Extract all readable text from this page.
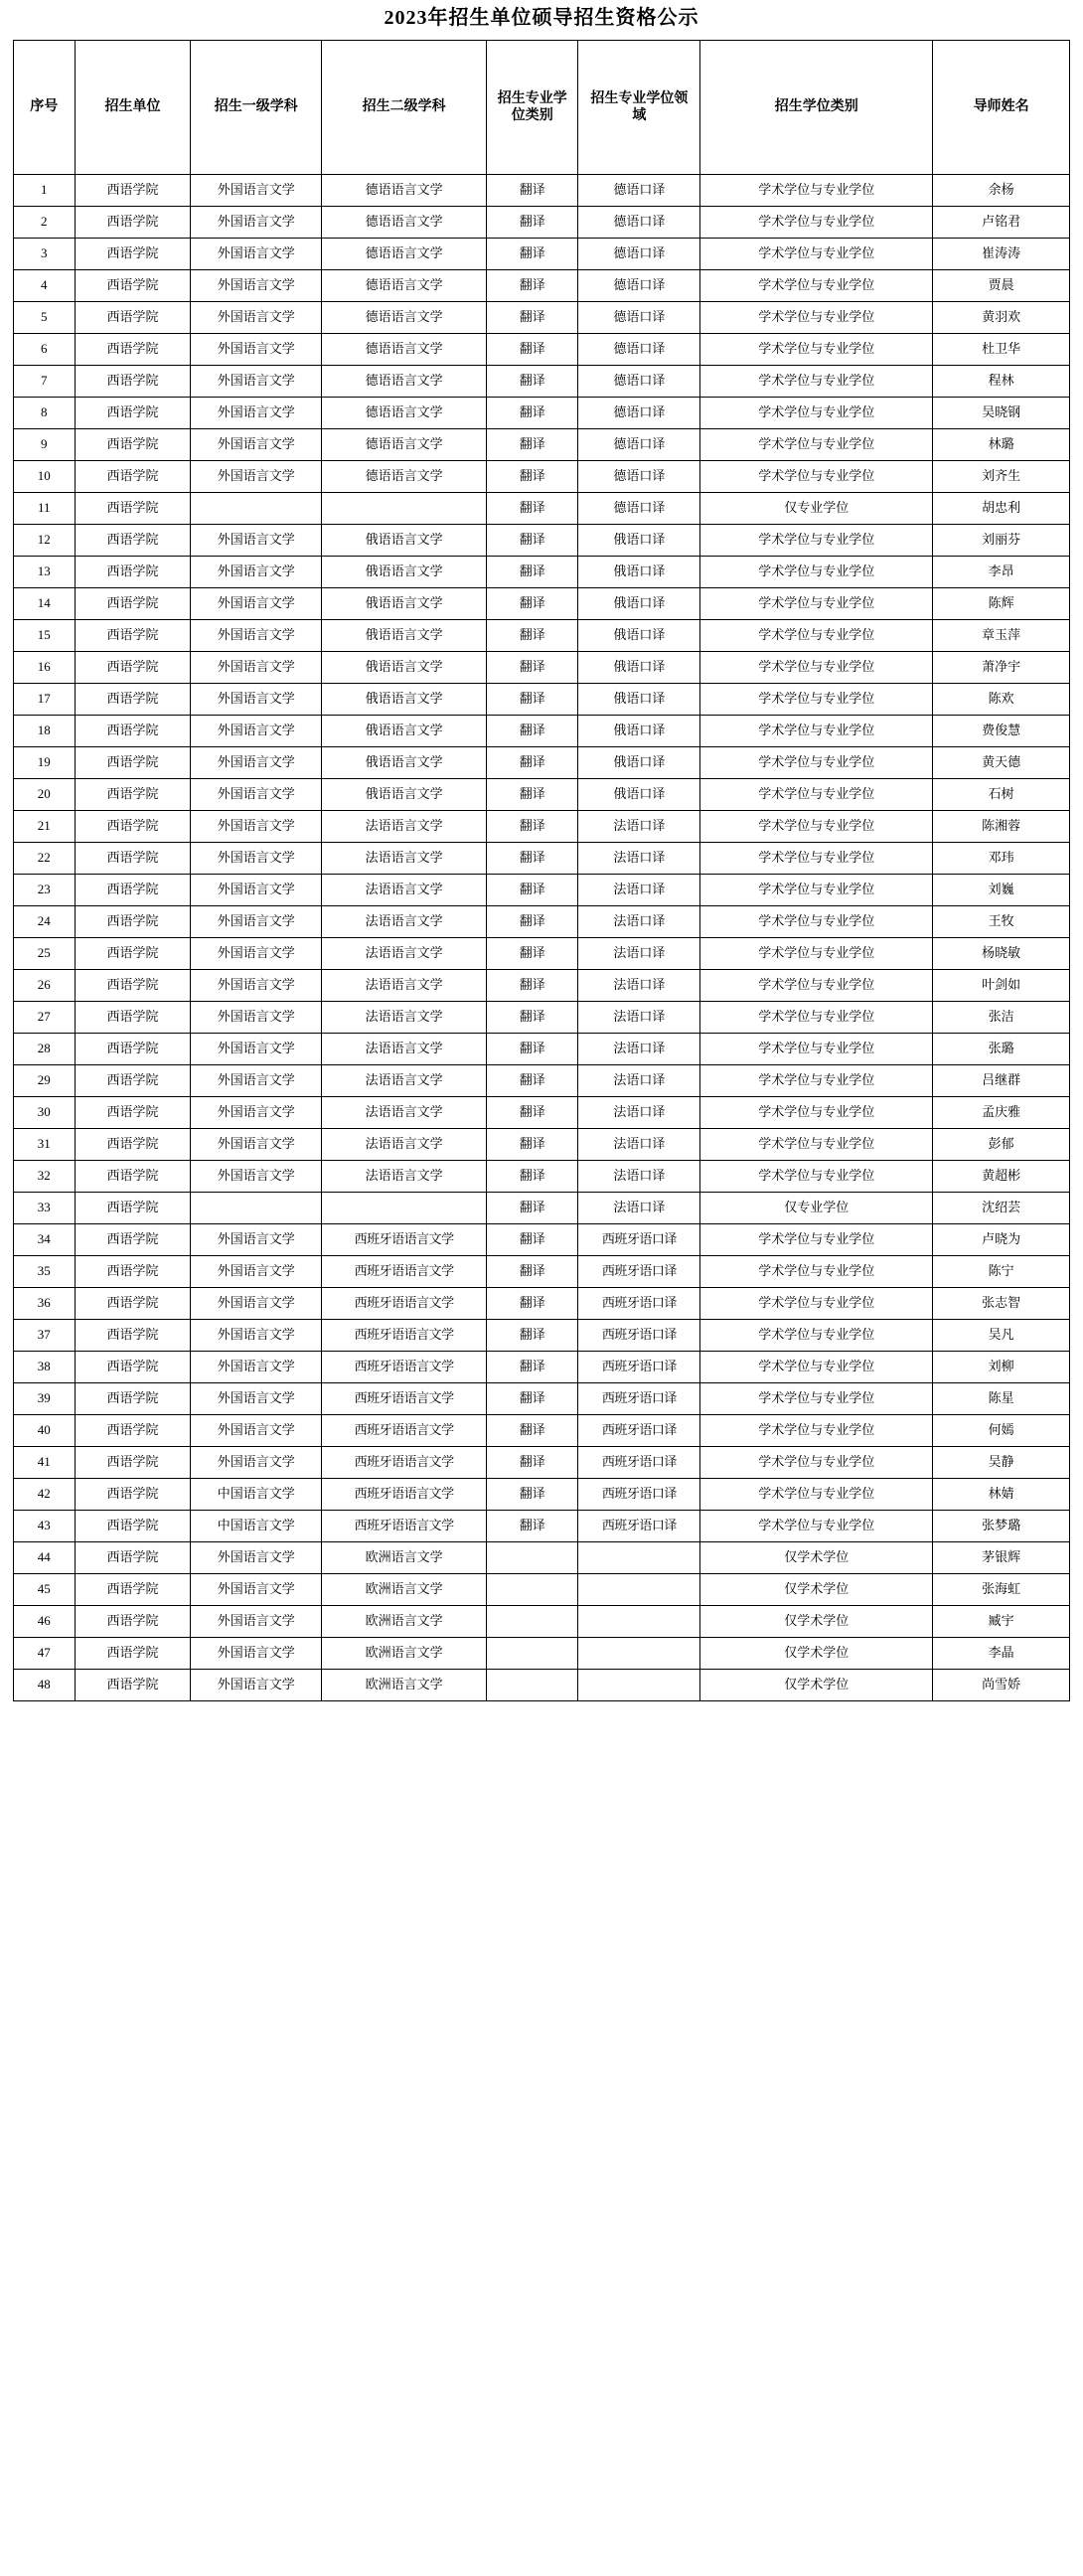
2023年招生单位硕导招生资格公示
序号	招生单位	招生一级学科	招生二级学科	招生专业学位类别	招生专业学位领域	招生学位类别	导师姓名
1	西语学院	外国语言文学	德语语言文学	翻译	德语口译	学术学位与专业学位	余杨
2	西语学院	外国语言文学	德语语言文学	翻译	德语口译	学术学位与专业学位	卢铭君
3	西语学院	外国语言文学	德语语言文学	翻译	德语口译	学术学位与专业学位	崔涛涛
4	西语学院	外国语言文学	德语语言文学	翻译	德语口译	学术学位与专业学位	贾晨
5	西语学院	外国语言文学	德语语言文学	翻译	德语口译	学术学位与专业学位	黄羽欢
6	西语学院	外国语言文学	德语语言文学	翻译	德语口译	学术学位与专业学位	杜卫华
7	西语学院	外国语言文学	德语语言文学	翻译	德语口译	学术学位与专业学位	程林
8	西语学院	外国语言文学	德语语言文学	翻译	德语口译	学术学位与专业学位	吴晓钢
9	西语学院	外国语言文学	德语语言文学	翻译	德语口译	学术学位与专业学位	林璐
10	西语学院	外国语言文学	德语语言文学	翻译	德语口译	学术学位与专业学位	刘齐生
11	西语学院			翻译	德语口译	仅专业学位	胡忠利
12	西语学院	外国语言文学	俄语语言文学	翻译	俄语口译	学术学位与专业学位	刘丽芬
13	西语学院	外国语言文学	俄语语言文学	翻译	俄语口译	学术学位与专业学位	李昂
14	西语学院	外国语言文学	俄语语言文学	翻译	俄语口译	学术学位与专业学位	陈辉
15	西语学院	外国语言文学	俄语语言文学	翻译	俄语口译	学术学位与专业学位	章玉萍
16	西语学院	外国语言文学	俄语语言文学	翻译	俄语口译	学术学位与专业学位	萧净宇
17	西语学院	外国语言文学	俄语语言文学	翻译	俄语口译	学术学位与专业学位	陈欢
18	西语学院	外国语言文学	俄语语言文学	翻译	俄语口译	学术学位与专业学位	费俊慧
19	西语学院	外国语言文学	俄语语言文学	翻译	俄语口译	学术学位与专业学位	黄天德
20	西语学院	外国语言文学	俄语语言文学	翻译	俄语口译	学术学位与专业学位	石树
21	西语学院	外国语言文学	法语语言文学	翻译	法语口译	学术学位与专业学位	陈湘蓉
22	西语学院	外国语言文学	法语语言文学	翻译	法语口译	学术学位与专业学位	邓玮
23	西语学院	外国语言文学	法语语言文学	翻译	法语口译	学术学位与专业学位	刘巍
24	西语学院	外国语言文学	法语语言文学	翻译	法语口译	学术学位与专业学位	王牧
25	西语学院	外国语言文学	法语语言文学	翻译	法语口译	学术学位与专业学位	杨晓敏
26	西语学院	外国语言文学	法语语言文学	翻译	法语口译	学术学位与专业学位	叶剑如
27	西语学院	外国语言文学	法语语言文学	翻译	法语口译	学术学位与专业学位	张洁
28	西语学院	外国语言文学	法语语言文学	翻译	法语口译	学术学位与专业学位	张璐
29	西语学院	外国语言文学	法语语言文学	翻译	法语口译	学术学位与专业学位	吕继群
30	西语学院	外国语言文学	法语语言文学	翻译	法语口译	学术学位与专业学位	孟庆雅
31	西语学院	外国语言文学	法语语言文学	翻译	法语口译	学术学位与专业学位	彭郁
32	西语学院	外国语言文学	法语语言文学	翻译	法语口译	学术学位与专业学位	黄超彬
33	西语学院			翻译	法语口译	仅专业学位	沈绍芸
34	西语学院	外国语言文学	西班牙语语言文学	翻译	西班牙语口译	学术学位与专业学位	卢晓为
35	西语学院	外国语言文学	西班牙语语言文学	翻译	西班牙语口译	学术学位与专业学位	陈宁
36	西语学院	外国语言文学	西班牙语语言文学	翻译	西班牙语口译	学术学位与专业学位	张志智
37	西语学院	外国语言文学	西班牙语语言文学	翻译	西班牙语口译	学术学位与专业学位	吴凡
38	西语学院	外国语言文学	西班牙语语言文学	翻译	西班牙语口译	学术学位与专业学位	刘柳
39	西语学院	外国语言文学	西班牙语语言文学	翻译	西班牙语口译	学术学位与专业学位	陈星
40	西语学院	外国语言文学	西班牙语语言文学	翻译	西班牙语口译	学术学位与专业学位	何嫣
41	西语学院	外国语言文学	西班牙语语言文学	翻译	西班牙语口译	学术学位与专业学位	吴静
42	西语学院	中国语言文学	西班牙语语言文学	翻译	西班牙语口译	学术学位与专业学位	林婧
43	西语学院	中国语言文学	西班牙语语言文学	翻译	西班牙语口译	学术学位与专业学位	张梦璐
44	西语学院	外国语言文学	欧洲语言文学			仅学术学位	茅银辉
45	西语学院	外国语言文学	欧洲语言文学			仅学术学位	张海虹
46	西语学院	外国语言文学	欧洲语言文学			仅学术学位	臧宇
47	西语学院	外国语言文学	欧洲语言文学			仅学术学位	李晶
48	西语学院	外国语言文学	欧洲语言文学			仅学术学位	尚雪娇
